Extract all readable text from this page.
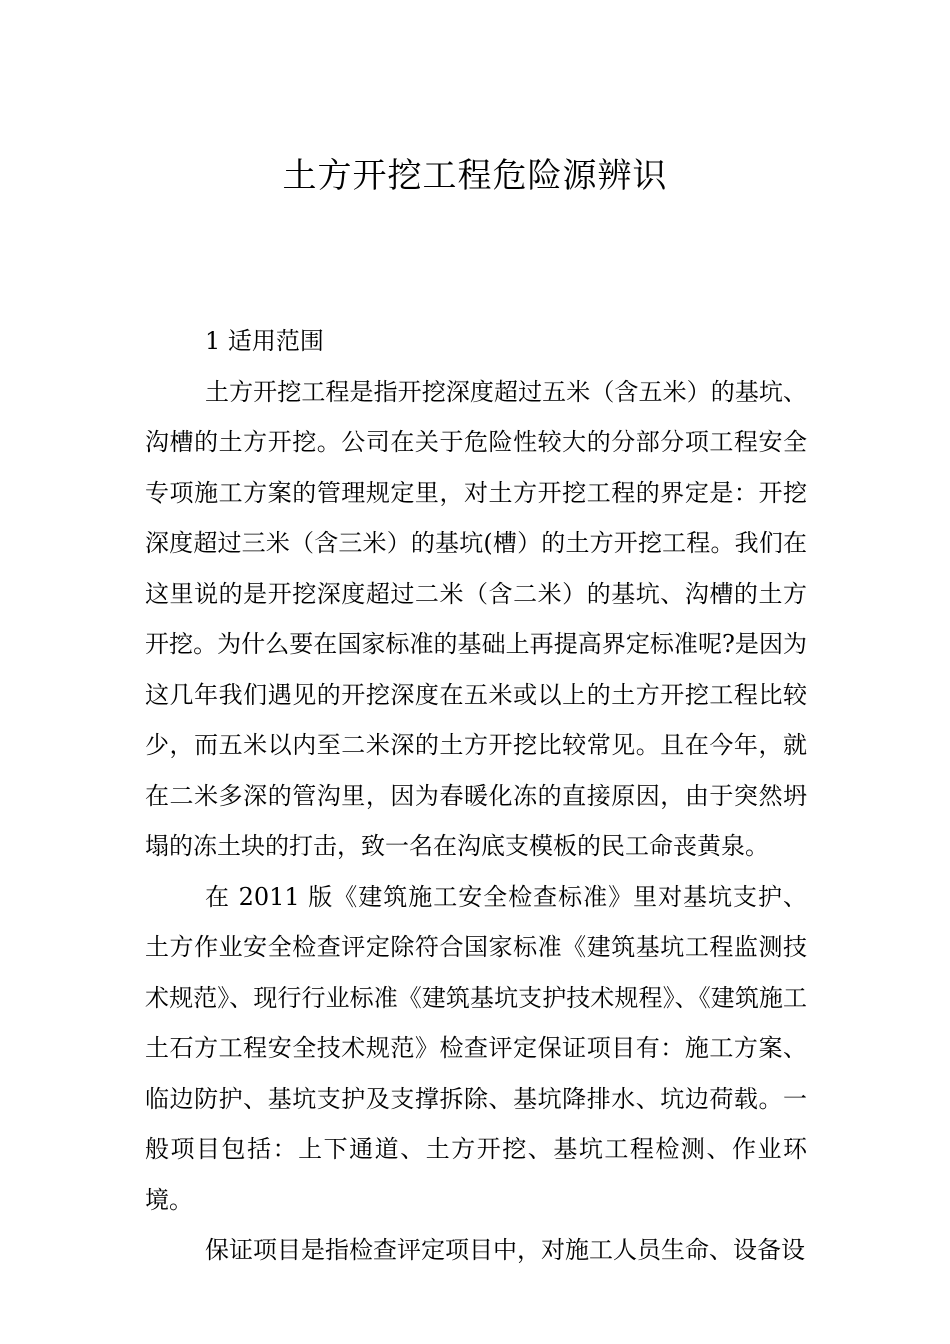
土方开挖工程危险源辨识

1 适用范围

土方开挖工程是指开挖深度超过五米（含五米）的基坑、沟槽的土方开挖。公司在关于危险性较大的分部分项工程安全专项施工方案的管理规定里，对土方开挖工程的界定是：开挖深度超过三米（含三米）的基坑(槽）的土方开挖工程。我们在这里说的是开挖深度超过二米（含二米）的基坑、沟槽的土方开挖。为什么要在国家标准的基础上再提高界定标准呢?是因为这几年我们遇见的开挖深度在五米或以上的土方开挖工程比较少，而五米以内至二米深的土方开挖比较常见。且在今年，就在二米多深的管沟里，因为春暖化冻的直接原因，由于突然坍塌的冻土块的打击，致一名在沟底支模板的民工命丧黄泉。

在 2011 版《建筑施工安全检查标准》里对基坑支护、土方作业安全检查评定除符合国家标准《建筑基坑工程监测技术规范》、现行行业标准《建筑基坑支护技术规程》、《建筑施工土石方工程安全技术规范》检查评定保证项目有：施工方案、临边防护、基坑支护及支撑拆除、基坑降排水、坑边荷载。一般项目包括：上下通道、土方开挖、基坑工程检测、作业环境。

保证项目是指检查评定项目中，对施工人员生命、设备设
